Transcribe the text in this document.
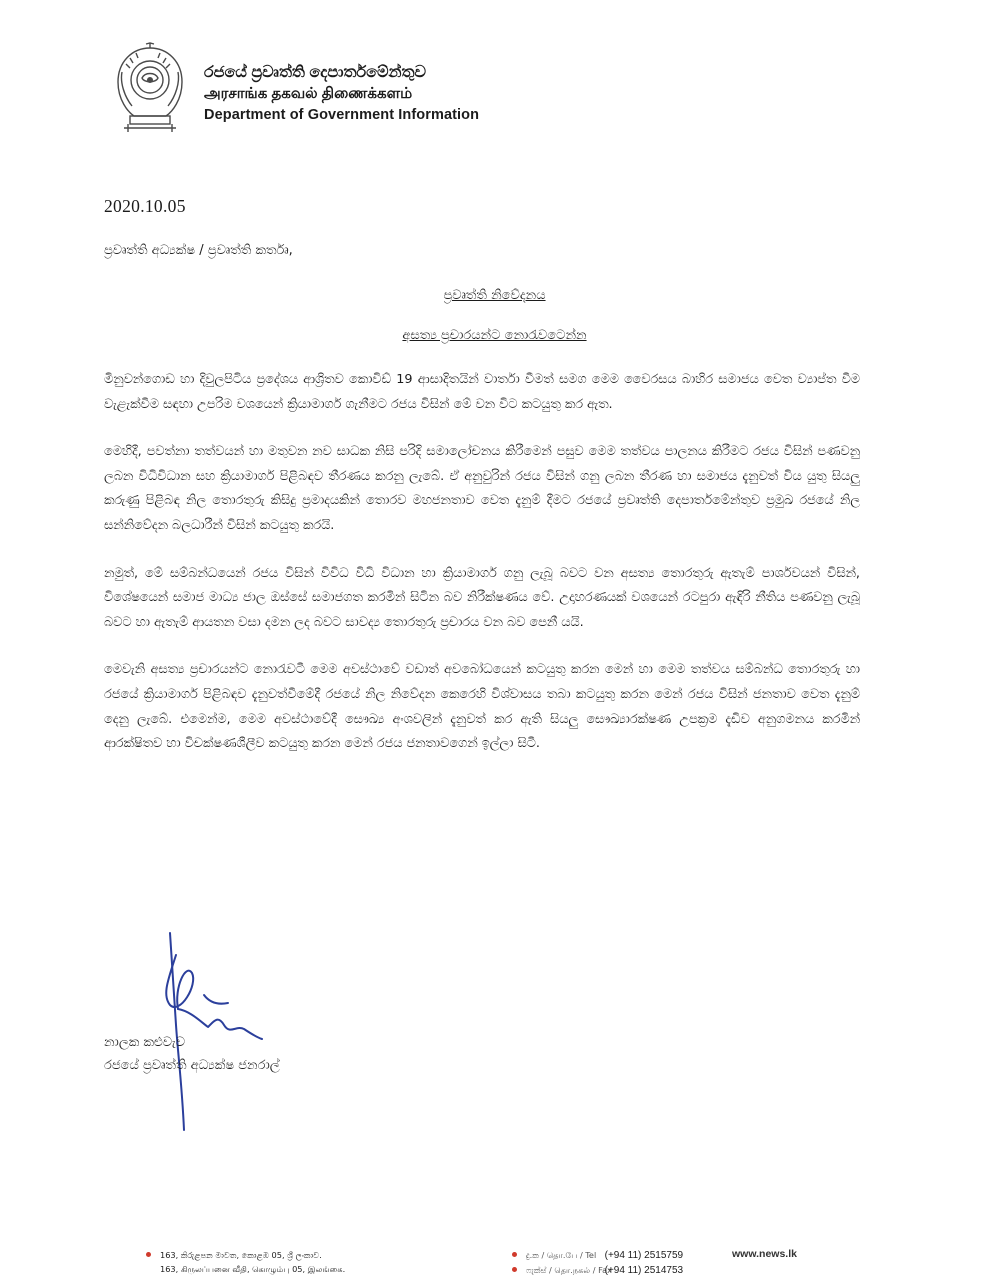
රජයේ ප්‍රවෘත්ති දෙපාර්තමේන්තුව
அரசாங்க தகவல் திணைக்களம்
Department of Government Information
2020.10.05
ප්‍රවෘත්ති අධ්‍යක්ෂ / ප්‍රවෘත්ති කර්තෘ,
ප්‍රවෘත්ති නිවේදනය
අසත්‍ය ප්‍රචාරයන්ට නොරැවටෙන්න

මිනුවන්ගොඩ හා දිවුලපිටිය ප්‍රදේශය ආශ්‍රිතව කොවිඩ් 19 ආසාදිතයින් වාර්තා වීමත් සමග මෙම වෛරසය බාහිර සමාජය වෙත ව්‍යාප්ත වීම වැළැක්වීම සඳහා උපරිම වශයෙන් ක්‍රියාමාර්ග ගැනීමට රජය විසින් මේ වන විට කටයුතු කර ඇත.

මෙහිදී, පවත්නා තත්වයන් හා මතුවන නව සාධක නිසි පරිදි සමාලෝචනය කිරීමෙන් පසුව මෙම තත්වය පාලනය කිරීමට රජය විසින් පණවනු ලබන විධිවිධාන සහ ක්‍රියාමාර්ග පිළිබඳව තීරණය කරනු ලැබේ. ඒ අනුවුරින් රජය විසින් ගනු ලබන තීරණ හා සමාජය දැනුවත් විය යුතු සියලු කරුණු පිළිබඳ නිල තොරතුරු කිසිදු ප්‍රමාදයකින් තොරව මහජනතාව වෙත දැනුම් දීමට රජයේ ප්‍රවෘත්ති දෙපාර්තමේන්තුව ප්‍රමුඛ රජයේ නිල සන්නිවේදන බලධාරීන් විසින් කටයුතු කරයි.

නමුත්, මේ සම්බන්ධයෙන් රජය විසින් විවිධ විධි විධාන හා ක්‍රියාමාර්ග ගනු ලැබූ බවට වන අසත්‍ය තොරතුරු ඇතැම් පාර්ශවයන් විසින්, විශේෂයෙන් සමාජ මාධ්‍ය ජාල ඔස්සේ සමාජගත කරමින් සිටින බව නිරීක්ෂණය වේ. උදාහරණයක් වශයෙන් රටපුරා ඇඳිරි නීතිය පණවනු ලැබූ බවට හා ඇතැම් ආයතන වසා දමන ලද බවට සාවද්‍ය තොරතුරු ප්‍රචාරය වන බව පෙනී යයි.

මෙවැනි අසත්‍ය ප්‍රචාරයන්ට නොරැවටී මෙම අවස්ථාවේ වඩාත් අවබෝධයෙන් කටයුතු කරන මෙන් හා මෙම තත්වය සම්බන්ධ තොරතුරු හා රජයේ ක්‍රියාමාර්ග පිළිබඳව දැනුවත්වීමේදී රජයේ නිල නිවේදන කෙරෙහි විශ්වාසය තබා කටයුතු කරන මෙන් රජය විසින් ජනතාව වෙත දැනුම් දෙනු ලැබේ. එමෙන්ම, මෙම අවස්ථාවේදී සෞඛ්‍ය අංශවලින් දැනුවත් කර ඇති සියලු සෞඛ්‍යාරක්ෂණ උපක්‍රම දැඩිව අනුගමනය කරමින් ආරක්ෂිතව හා විචක්ෂණශීලීව කටයුතු කරන මෙන් රජය ජනතාවගෙන් ඉල්ලා සිටී.

නාලක කළුවැව
රජයේ ප්‍රවෘත්ති අධ්‍යක්ෂ ජනරාල්
163, කිරුළපන මාවත, කොළඹ 05, ශ්‍රී ලංකාව.
163, கிருலப்பனை வீதி, கொழும்பு 05, இலங்கை.
දු.ක / தொ.பே / Tel (+94 11) 2515759
ෆැක්ස් / தொ.நகல் / Fax (+94 11) 2514753
www.news.lk
